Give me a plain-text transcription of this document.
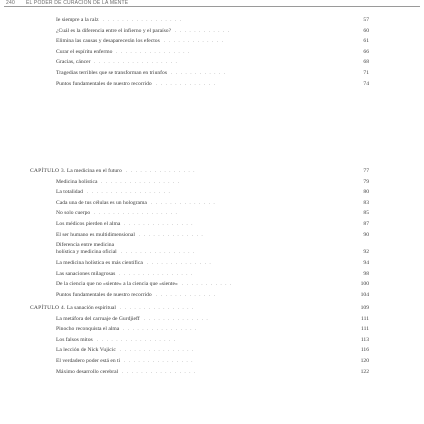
240 EL PODER DE CURACIÓN DE LA MENTE
Ie siempre a la ralz	57
. . . . . . . . . . . . . . . . .
¿Cuál es la diferencia entre el infierno y el paraíso?	60
. . . . . . . . . . . .
Elimina las causas y desaparecerán los efectos	61
. . . . . . . . . . . . .
Curar el espíritu enfermo	66
. . . . . . . . . . . . . . . .
Gracias, cáncer	68
. . . . . . . . . . . . . . . . . .
Tragedias terribles que se transforman en triunfos	71
. . . . . . . . . . . .
Puntos fundamentales de nuestro recorrido	74
. . . . . . . . . . . . .
CAPÍTULO 3. La medicina en el futuro	77
. . . . . . . . . . . . . . .
Medicina holística	79
. . . . . . . . . . . . . . . . .
La totalidad	80
. . . . . . . . . . . . . . . . . .
Cada una de tus células es un holograma	83
. . . . . . . . . . . . . .
No solo cuerpo	85
. . . . . . . . . . . . . . . . . .
Los médicos pierden el alma	87
. . . . . . . . . . . . . . .
El ser humano es multidimensional	90
. . . . . . . . . . . . . .
Diferencia entre medicina
holística y medicina oficial	92
. . . . . . . . . . . . . . . .
La medicina holística es más científica	94
. . . . . . . . . . . . . .
Las sanaciones milagrosas	98
. . . . . . . . . . . . . . . .
De la ciencia que no «siente» a la ciencia que «siente»	100
. . . . . . . . . . .
Puntos fundamentales de nuestro recorrido	104
. . . . . . . . . . . . .
CAPÍTULO 4. La sanación espiritual	109
. . . . . . . . . . . . . . . .
La metáfora del carruaje de Gurdjieff	111
. . . . . . . . . . . . . .
Pinocho reconquista el alma	111
. . . . . . . . . . . . . . . .
Los falsos mitos	113
. . . . . . . . . . . . . . . . .
La lección de Nick Vujicic	116
. . . . . . . . . . . . . . . .
El verdadero poder está en ti	120
. . . . . . . . . . . . . . .
Máximo desarrollo cerebral	122
. . . . . . . . . . . . . . . .
